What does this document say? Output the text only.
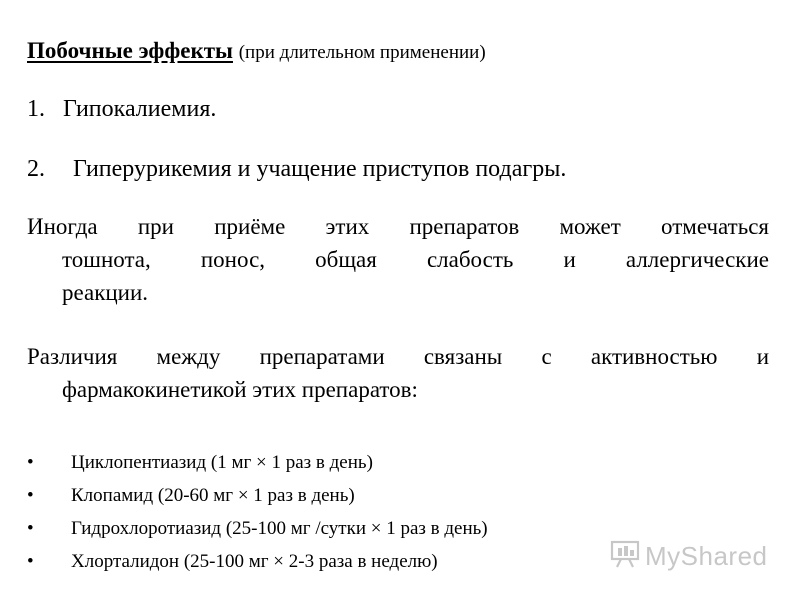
Побочные эффекты (при длительном применении)
1. Гипокалиемия.
2. Гиперурикемия и учащение приступов подагры.
Иногда при приёме этих препаратов может отмечаться
тошнота, понос, общая слабость и аллергические
реакции.
Различия между препаратами связаны с активностью и
фармакокинетикой этих препаратов:
•	Циклопентиазид (1 мг × 1 раз в день)
•	Клопамид (20-60 мг × 1 раз в день)
•	Гидрохлоротиазид (25-100 мг /сутки × 1 раз в день)
•	Хлорталидон (25-100 мг × 2-3 раза в неделю)	MyShared
